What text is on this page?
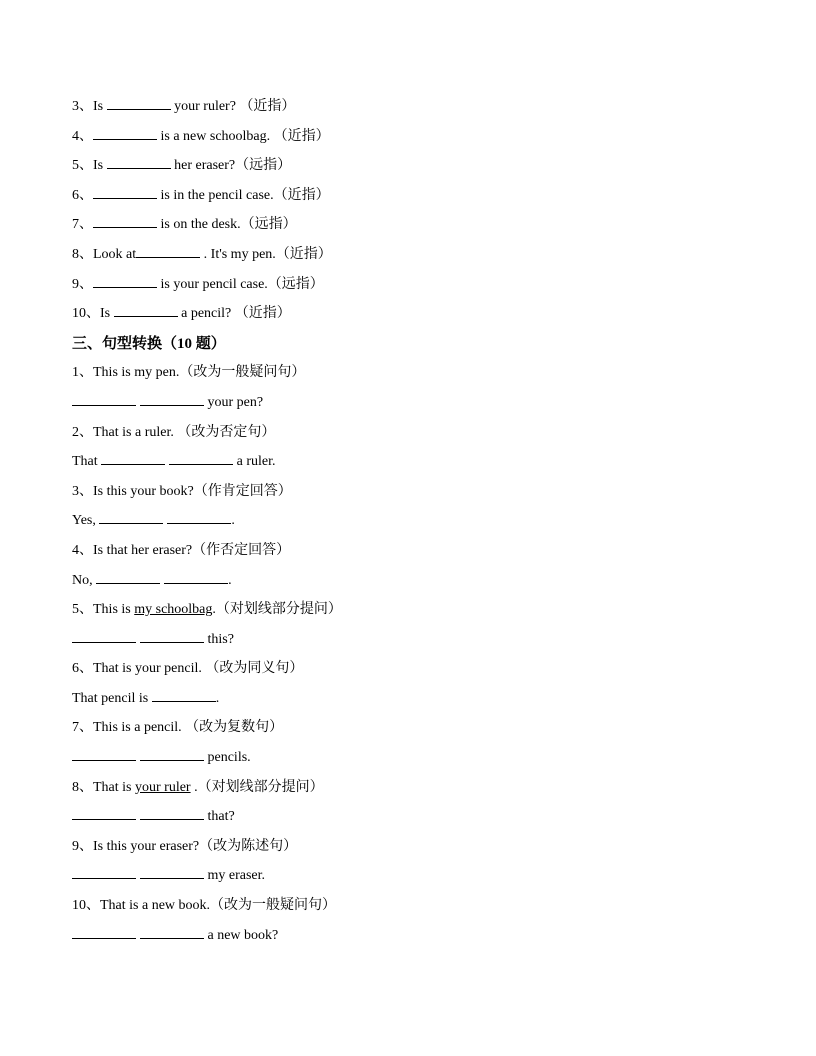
3、Is	your ruler? （近指）
4、	is a new schoolbag. （近指）
5、Is	her eraser?（远指）
6、	is in the pencil case.（近指）
7、	is on the desk.（远指）
8、Look at	. It's my pen.（近指）
9、	is your pencil case.（远指）
10、Is	a pencil? （近指）
三、句型转换（10 题）
1、This is my pen.（改为一般疑问句）
your pen?
2、That is a ruler. （改为否定句）
That	a ruler.
3、Is this your book?（作肯定回答）
Yes,	.
4、Is that her eraser?（作否定回答）
No,	.
5、This is my schoolbag.（对划线部分提问）
this?
6、That is your pencil. （改为同义句）
That pencil is	.
7、This is a pencil. （改为复数句）
pencils.
8、That is your ruler .（对划线部分提问）
that?
9、Is this your eraser?（改为陈述句）
my eraser.
10、That is a new book.（改为一般疑问句）
a new book?
